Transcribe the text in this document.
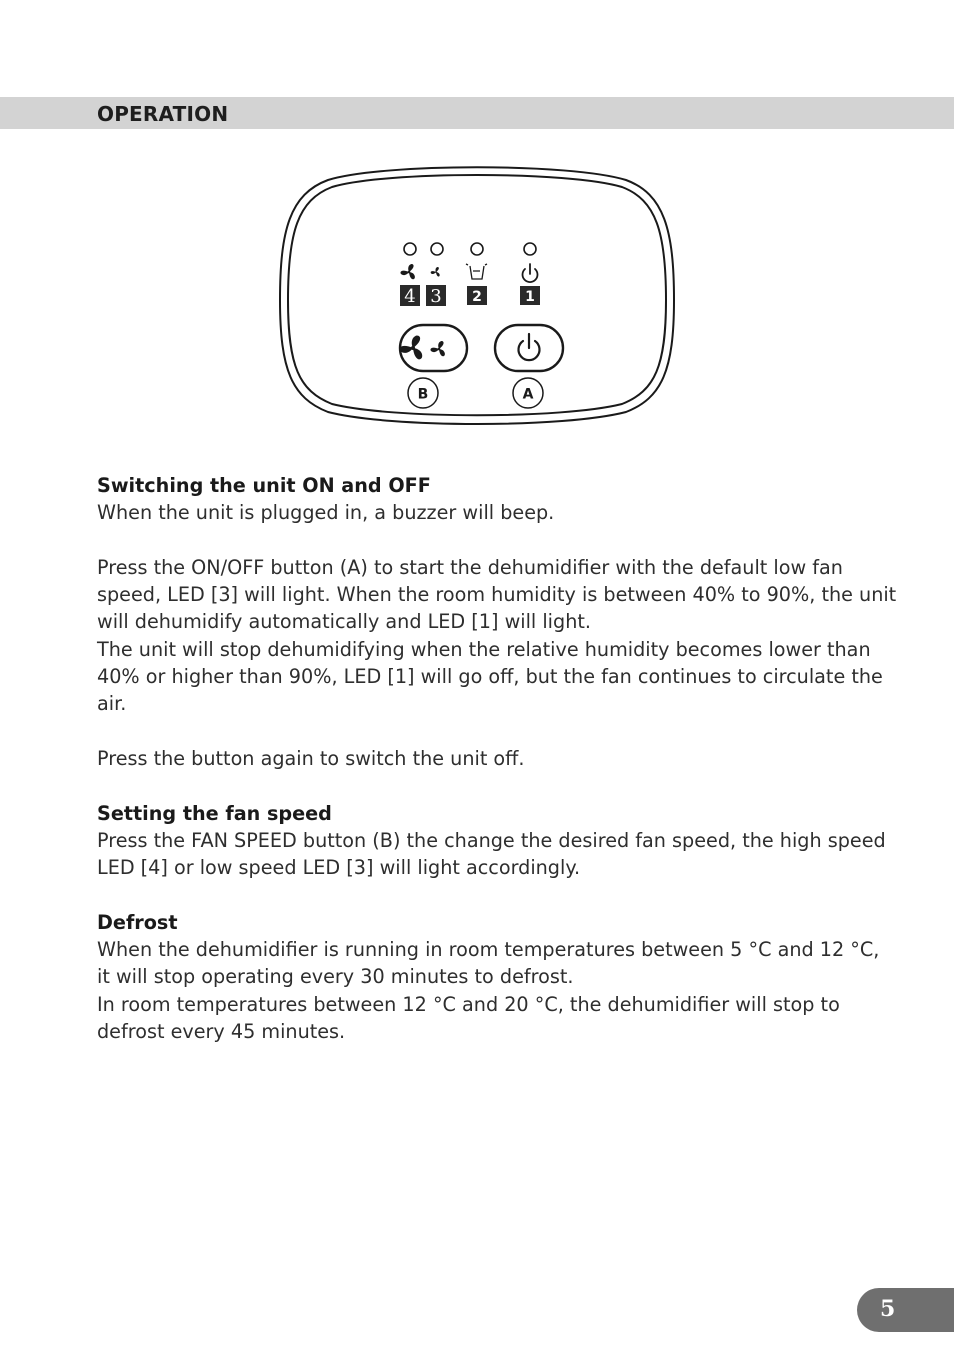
OPERATION
4 3 2	1
B	A
Switching the unit ON and OFF

When the unit is plugged in, a buzzer will beep.

Press the ON/OFF button (A) to start the dehumidifier with the default low fan speed, LED [3] will light. When the room humidity is between 40% to 90%, the unit will dehumidify automatically and LED [1] will light.

The unit will stop dehumidifying when the relative humidity becomes lower than 40% or higher than 90%, LED [1] will go off, but the fan continues to circulate the air.

Press the button again to switch the unit off.

Setting the fan speed

Press the FAN SPEED button (B) the change the desired fan speed, the high speed LED [4] or low speed LED [3] will light accordingly.

Defrost

When the dehumidifier is running in room temperatures between 5 °C and 12 °C, it will stop operating every 30 minutes to defrost.

In room temperatures between 12 °C and 20 °C, the dehumidifier will stop to defrost every 45 minutes.

5
